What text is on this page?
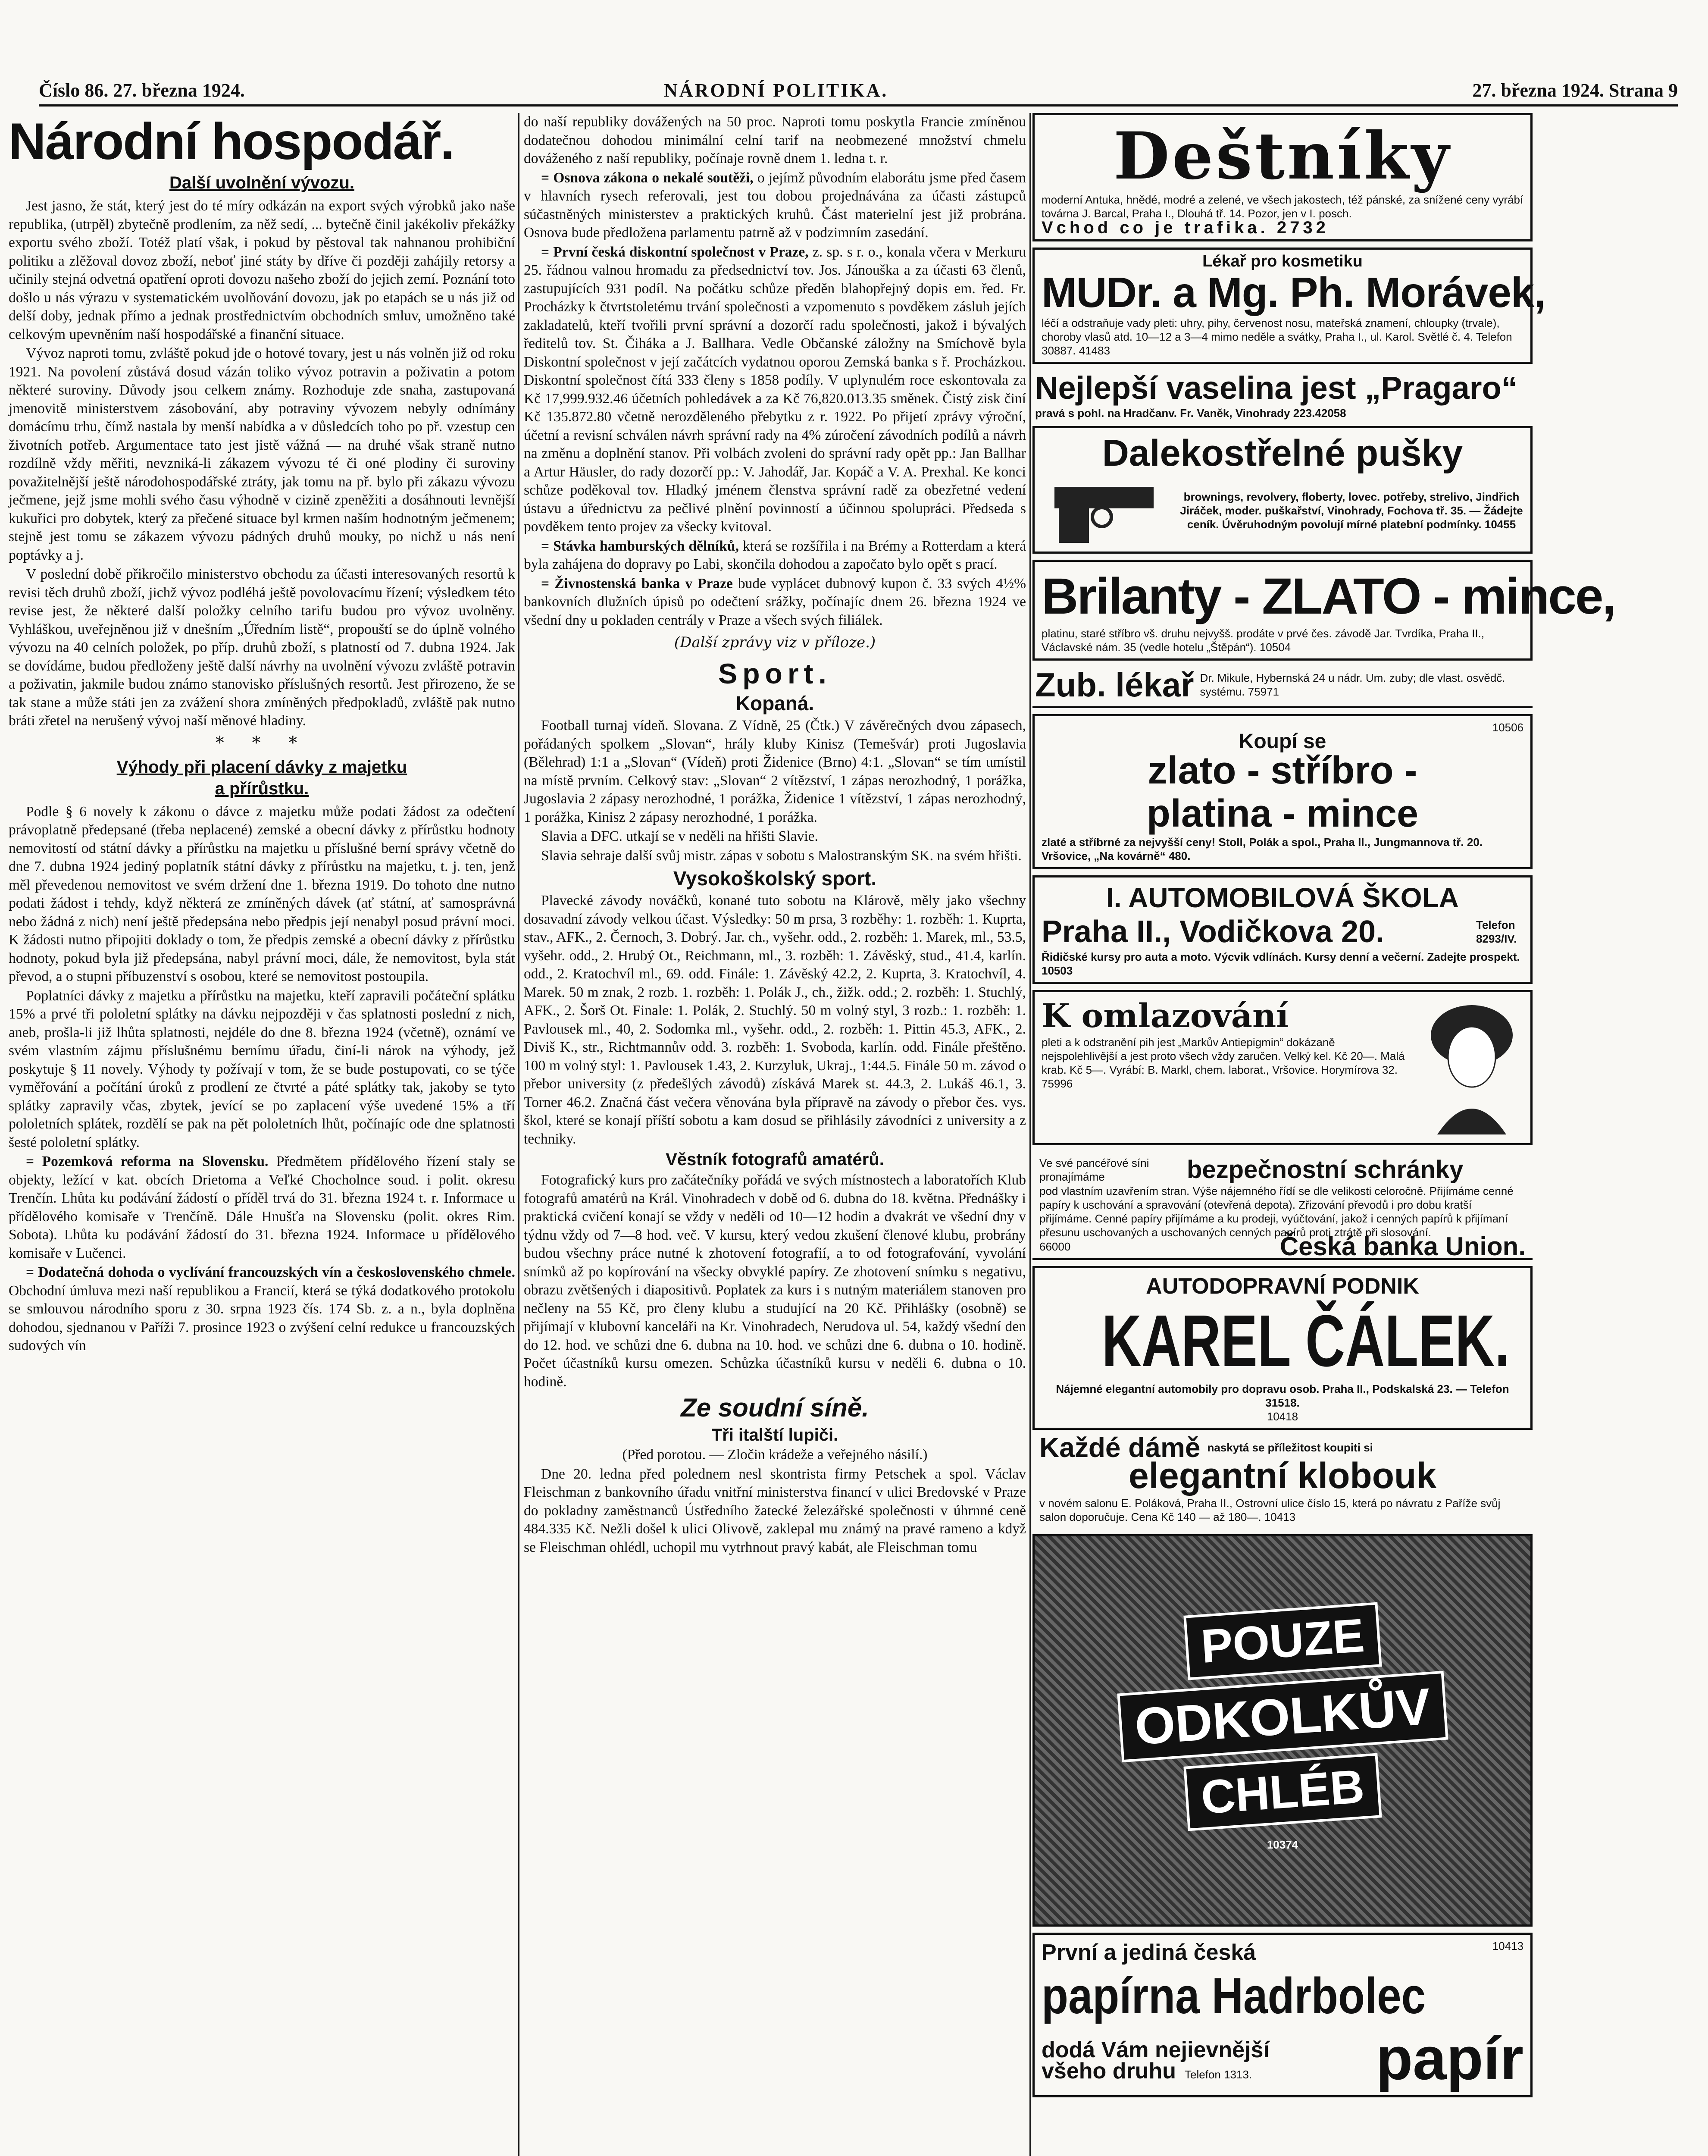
Číslo 86. 27. března 1924.	NÁRODNÍ POLITIKA.	27. března 1924. Strana 9
Národní hospodář.
Další uvolnění vývozu.

Jest jasno, že stát, který jest do té míry odkázán na export svých výrobků jako naše republika, (utrpěl) zbytečně prodlením, za něž sedí, ... bytečně činil jakékoliv překážky exportu svého zboží. Totéž platí však, i pokud by pěstoval tak nahnanou prohibiční politiku a zlěžoval dovoz zboží, neboť jiné státy by dříve či později zahájily retorsy a učinily stejná odvetná opatření oproti dovozu našeho zboží do jejich zemí. Poznání toto došlo u nás výrazu v systematickém uvolňování dovozu, jak po etapách se u nás již od delší doby, jednak přímo a jednak prostřednictvím obchodních smluv, umožněno také celkovým upevněním naší hospodářské a finanční situace.

Vývoz naproti tomu, zvláště pokud jde o hotové tovary, jest u nás volněn již od roku 1921. Na povolení zůstává dosud vázán toliko vývoz potravin a poživatin a potom některé suroviny. Důvody jsou celkem známy. Rozhoduje zde snaha, zastupovaná jmenovitě ministerstvem zásobování, aby potraviny vývozem nebyly odnímány domácímu trhu, čímž nastala by menší nabídka a v důsledcích toho po př. vzestup cen životních potřeb. Argumentace tato jest jistě vážná — na druhé však straně nutno rozdílně vždy měřiti, nevzniká-li zákazem vývozu té či oné plodiny či suroviny považitelnější ještě národohospodářské ztráty, jak tomu na př. bylo při zákazu vývozu ječmene, jejž jsme mohli svého času výhodně v cizině zpeněžiti a dosáhnouti levnější kukuřici pro dobytek, který za přečené situace byl krmen naším hodnotným ječmenem; stejně jest tomu se zákazem vývozu pádných druhů mouky, po nichž u nás není poptávky a j.

V poslední době přikročilo ministerstvo obchodu za účasti interesovaných resortů k revisi těch druhů zboží, jichž vývoz podléhá ještě povolovacímu řízení; výsledkem této revise jest, že některé další položky celního tarifu budou pro vývoz uvolněny. Vyhláškou, uveřejněnou již v dnešním „Úředním listě“, propouští se do úplně volného vývozu na 40 celních položek, po příp. druhů zboží, s platností od 7. dubna 1924. Jak se dovídáme, budou předloženy ještě další návrhy na uvolnění vývozu zvláště potravin a poživatin, jakmile budou známo stanovisko příslušných resortů. Jest přirozeno, že se tak stane a může státi jen za zvážení shora zmíněných předpokladů, zvláště pak nutno bráti zřetel na nerušený vývoj naší měnové hladiny.

* * *
Výhody při placení dávky z majetku
a přírůstku.

Podle § 6 novely k zákonu o dávce z majetku může podati žádost za odečtení právoplatně předepsané (třeba neplacené) zemské a obecní dávky z přírůstku hodnoty nemovitostí od státní dávky a přírůstku na majetku u příslušné berní správy včetně do dne 7. dubna 1924 jediný poplatník státní dávky z přírůstku na majetku, t. j. ten, jenž měl převedenou nemovitost ve svém držení dne 1. března 1919. Do tohoto dne nutno podati žádost i tehdy, když některá ze zmíněných dávek (ať státní, ať samosprávná nebo žádná z nich) není ještě předepsána nebo předpis její nenabyl posud právní moci. K žádosti nutno připojiti doklady o tom, že předpis zemské a obecní dávky z přírůstku hodnoty, pokud byla již předepsána, nabyl právní moci, dále, že nemovitost, byla stát převod, a o stupni příbuzenství s osobou, které se nemovitost postoupila.

Poplatníci dávky z majetku a přírůstku na majetku, kteří zapravili počáteční splátku 15% a prvé tři pololetní splátky na dávku nejpozději v čas splatnosti poslední z nich, aneb, prošla-li již lhůta splatnosti, nejdéle do dne 8. března 1924 (včetně), oznámí ve svém vlastním zájmu příslušnému bernímu úřadu, činí-li nárok na výhody, jež poskytuje § 11 novely. Výhody ty požívají v tom, že se bude postupovati, co se týče vyměřování a počítání úroků z prodlení ze čtvrté a páté splátky tak, jakoby se tyto splátky zapravily včas, zbytek, jevící se po zaplacení výše uvedené 15% a tří pololetních splátek, rozdělí se pak na pět pololetních lhůt, počínajíc ode dne splatnosti šesté pololetní splátky.

= Pozemková reforma na Slovensku. Předmětem přídělového řízení staly se objekty, ležící v kat. obcích Drietoma a Veľké Chocholnce soud. i polit. okresu Trenčín. Lhůta ku podávání žádostí o příděl trvá do 31. března 1924 t. r. Informace u přídělového komisaře v Trenčíně. Dále Hnušťa na Slovensku (polit. okres Rim. Sobota). Lhůta ku podávání žádostí do 31. března 1924. Informace u přídělového komisaře v Lučenci.

= Dodatečná dohoda o vyclívání francouzských vín a československého chmele. Obchodní úmluva mezi naší republikou a Francií, která se týká dodatkového protokolu se smlouvou národního sporu z 30. srpna 1923 čís. 174 Sb. z. a n., byla doplněna dohodou, sjednanou v Paříži 7. prosince 1923 o zvýšení celní redukce u francouzských sudových vín

do naší republiky dovážených na 50 proc. Naproti tomu poskytla Francie zmíněnou dodatečnou dohodou minimální celní tarif na neobmezené množství chmelu dováženého z naší republiky, počínaje rovně dnem 1. ledna t. r.

= Osnova zákona o nekalé soutěži, o jejímž původním elaborátu jsme před časem v hlavních rysech referovali, jest tou dobou projednávána za účasti zástupců súčastněných ministerstev a praktických kruhů. Část materielní jest již probrána. Osnova bude předložena parlamentu patrně až v podzimním zasedání.

= První česká diskontní společnost v Praze, z. sp. s r. o., konala včera v Merkuru 25. řádnou valnou hromadu za předsednictví tov. Jos. Jánouška a za účasti 63 členů, zastupujících 931 podíl. Na počátku schůze předěn blahopřejný dopis em. řed. Fr. Procházky k čtvrtstoletému trvání společnosti a vzpomenuto s povděkem zásluh jejích zakladatelů, kteří tvořili první správní a dozorčí radu společnosti, jakož i bývalých ředitelů tov. St. Čiháka a J. Ballhara. Vedle Občanské záložny na Smíchově byla Diskontní společnost v její začátcích vydatnou oporou Zemská banka s ř. Procházkou. Diskontní společnost čítá 333 členy s 1858 podíly. V uplynulém roce eskontovala za Kč 17,999.932.46 účetních pohledávek a za Kč 76,820.013.35 směnek. Čistý zisk činí Kč 135.872.80 včetně nerozděleného přebytku z r. 1922. Po přijetí zprávy výroční, účetní a revisní schválen návrh správní rady na 4% zúročení závodních podílů a návrh na změnu a doplnění stanov. Při volbách zvoleni do správní rady opět pp.: Jan Ballhar a Artur Häusler, do rady dozorčí pp.: V. Jahodář, Jar. Kopáč a V. A. Prexhal. Ke konci schůze poděkoval tov. Hladký jménem členstva správní radě za obezřetné vedení ústavu a úřednictvu za pečlivé plnění povinností a účinnou spolupráci. Předseda s povděkem tento projev za všecky kvitoval.

= Stávka hamburských dělníků, která se rozšířila i na Brémy a Rotterdam a která byla zahájena do dopravy po Labi, skončila dohodou a započato bylo opět s prací.

= Živnostenská banka v Praze bude vyplácet dubnový kupon č. 33 svých 4½% bankovních dlužních úpisů po odečtení srážky, počínajíc dnem 26. března 1924 ve všední dny u pokladen centrály v Praze a všech svých filiálek.

(Další zprávy viz v příloze.)
Sport.
Kopaná.

Football turnaj vídeň. Slovana. Z Vídně, 25 (Čtk.) V závěrečných dvou zápasech, pořádaných spolkem „Slovan“, hrály kluby Kinisz (Temešvár) proti Jugoslavia (Bělehrad) 1:1 a „Slovan“ (Vídeň) proti Židenice (Brno) 4:1. „Slovan“ se tím umístil na místě prvním. Celkový stav: „Slovan“ 2 vítězství, 1 zápas nerozhodný, 1 porážka, Jugoslavia 2 zápasy nerozhodné, 1 porážka, Židenice 1 vítězství, 1 zápas nerozhodný, 1 porážka, Kinisz 2 zápasy nerozhodné, 1 porážka.

Slavia a DFC. utkají se v neděli na hřišti Slavie.

Slavia sehraje další svůj mistr. zápas v sobotu s Malostranským SK. na svém hřišti.

Vysokoškolský sport.

Plavecké závody nováčků, konané tuto sobotu na Klárově, měly jako všechny dosavadní závody velkou účast. Výsledky: 50 m prsa, 3 rozběhy: 1. rozběh: 1. Kuprta, stav., AFK., 2. Černoch, 3. Dobrý. Jar. ch., vyšehr. odd., 2. rozběh: 1. Marek, ml., 53.5, vyšehr. odd., 2. Hrubý Ot., Reichmann, ml., 3. rozběh: 1. Závěský, stud., 41.4, karlín. odd., 2. Kratochvíl ml., 69. odd. Finále: 1. Závěský 42.2, 2. Kuprta, 3. Kratochvíl, 4. Marek. 50 m znak, 2 rozb. 1. rozběh: 1. Polák J., ch., žižk. odd.; 2. rozběh: 1. Stuchlý, AFK., 2. Šorš Ot. Finale: 1. Polák, 2. Stuchlý. 50 m volný styl, 3 rozb.: 1. rozběh: 1. Pavlousek ml., 40, 2. Sodomka ml., vyšehr. odd., 2. rozběh: 1. Pittin 45.3, AFK., 2. Diviš K., str., Richtmannův odd. 3. rozběh: 1. Svoboda, karlín. odd. Finále přeštěno. 100 m volný styl: 1. Pavlousek 1.43, 2. Kurzyluk, Ukraj., 1:44.5. Finále 50 m. závod o přebor university (z předešlých závodů) získává Marek st. 44.3, 2. Lukáš 46.1, 3. Torner 46.2. Značná část večera věnována byla přípravě na závody o přebor čes. vys. škol, které se konají příští sobotu a kam dosud se přihlásily závodníci z university a z techniky.

Věstník fotografů amatérů.

Fotografický kurs pro začátečníky pořádá ve svých místnostech a laboratořích Klub fotografů amatérů na Král. Vinohradech v době od 6. dubna do 18. května. Přednášky i praktická cvičení konají se vždy v neděli od 10—12 hodin a dvakrát ve všední dny v týdnu vždy od 7—8 hod. več. V kursu, který vedou zkušení členové klubu, probrány budou všechny práce nutné k zhotovení fotografií, a to od fotografování, vyvolání snímků až po kopírování na všecky obvyklé papíry. Ze zhotovení snímku s negativu, obrazu zvětšených i diapositivů. Poplatek za kurs i s nutným materiálem stanoven pro nečleny na 55 Kč, pro členy klubu a studující na 20 Kč. Přihlášky (osobně) se přijímají v klubovní kanceláři na Kr. Vinohradech, Nerudova ul. 54, každý všední den do 12. hod. ve schůzi dne 6. dubna na 10. hod. ve schůzi dne 6. dubna o 10. hodině. Počet účastníků kursu omezen. Schůzka účastníků kursu v neděli 6. dubna o 10. hodině.

Ze soudní síně.
Tři italští lupiči.

(Před porotou. — Zločin krádeže a veřejného násilí.)

Dne 20. ledna před polednem nesl skontrista firmy Petschek a spol. Václav Fleischman z bankovního úřadu vnitřní ministerstva financí v ulici Bredovské v Praze do pokladny zaměstnanců Ústředního žatecké železářské společnosti v úhrnné ceně 484.335 Kč. Nežli došel k ulici Olivově, zaklepal mu známý na pravé rameno a když se Fleischman ohlédl, uchopil mu vytrhnout pravý kabát, ale Fleischman tomu

Deštníky
moderní Antuka, hnědé, modré a zelené, ve všech jakostech, též pánské, za snížené ceny vyrábí továrna J. Barcal, Praha I., Dlouhá tř. 14. Pozor, jen v I. posch.
Vchod co je trafika. 2732
Lékař pro kosmetiku
MUDr. a Mg. Ph. Morávek,
léčí a odstraňuje vady pleti: uhry, pihy, červenost nosu, mateřská znamení, chloupky (trvale), choroby vlasů atd. 10—12 a 3—4 mimo neděle a svátky, Praha I., ul. Karol. Světlé č. 4. Telefon 30887. 41483
Nejlepší vaselina jest „Pragaro“
pravá s pohl. na Hradčanv. Fr. Vaněk, Vinohrady 223.42058
Dalekostřelné pušky
brownings, revolvery, floberty, lovec. potřeby, strelivo, Jindřich Jiráček, moder. puškařství, Vinohrady, Fochova tř. 35. — Žádejte ceník. Úvěruhodným povolují mírné platební podmínky. 10455
Brilanty - ZLATO - mince,
platinu, staré stříbro vš. druhu nejvyšš. prodáte v prvé čes. závodě Jar. Tvrdíka, Praha II., Václavské nám. 35 (vedle hotelu „Štěpán“). 10504
Zub. lékař Dr. Mikule, Hybernská 24 u nádr. Um. zuby; dle vlast. osvědč. systému. 75971
10506
Koupí se
zlato - stříbro -
platina - mince
zlaté a stříbrné za nejvyšší ceny! Stoll, Polák a spol., Praha II., Jungmannova tř. 20. Vršovice, „Na kovárně“ 480.
I. AUTOMOBILOVÁ ŠKOLA
Praha II., Vodičkova 20.	Telefon 8293/IV.
Řidičské kursy pro auta a moto. Výcvik vdlínách. Kursy denní a večerní. Zadejte prospekt. 10503
K omlazování
pleti a k odstranění pih jest „Markův Antiepigmin“ dokázaně nejspolehlivější a jest proto všech vždy zaručen. Velký kel. Kč 20—. Malá krab. Kč 5—. Vyrábí: B. Markl, chem. laborat., Vršovice. Horymírova 32. 75996
Ve své pancéřové síni pronajímáme	bezpečnostní schránky
pod vlastním uzavřením stran. Výše nájemného řídí se dle velikosti celoročně. Přijímáme cenné papíry k uschování a spravování (otevřená depota). Zřizování převodů i pro dobu kratší přijímáme. Cenné papíry přijímáme a ku prodeji, vyúčtování, jakož i cenných papírů k přijímaní přesunu uschovaných a uschovaných cenných papírů proti ztrátě při slosování.
66000	Česká banka Union.
AUTODOPRAVNÍ PODNIK
KAREL ČÁLEK.
Nájemné elegantní automobily pro dopravu osob. Praha II., Podskalská 23. — Telefon 31518.
10418
Každé dámě naskytá se příležitost koupiti si
elegantní klobouk
v novém salonu E. Poláková, Praha II., Ostrovní ulice číslo 15, která po návratu z Paříže svůj salon doporučuje. Cena Kč 140 — až 180—. 10413
POUZE
ODKOLKŮV
CHLÉB
10374
První a jediná česká	10413
papírna Hadrbolec
dodá Vám nejievnější
všeho druhu Telefon 1313. papír
